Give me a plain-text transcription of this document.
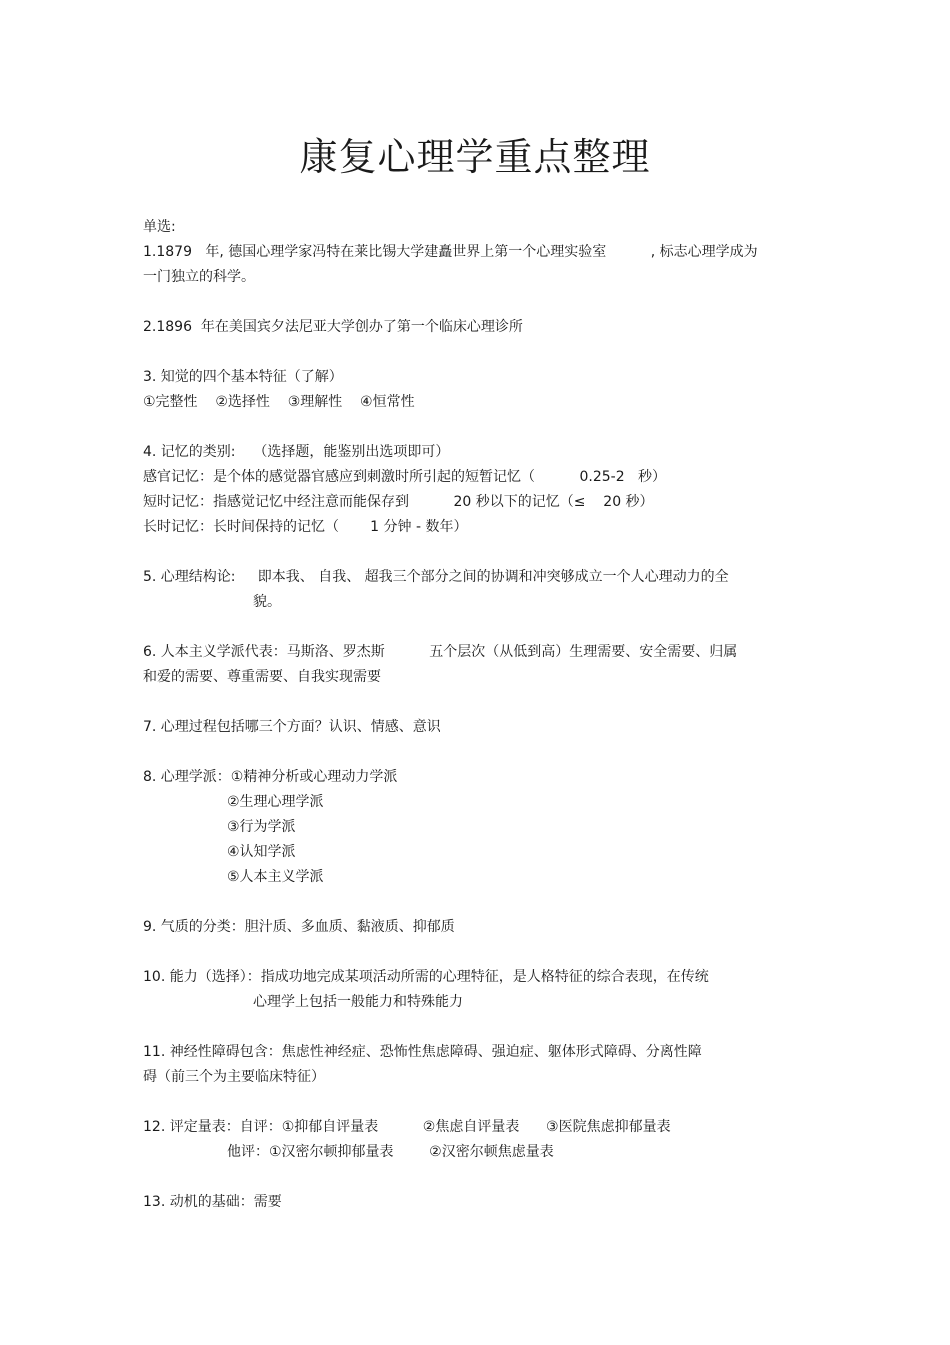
康复心理学重点整理
单选:
1.1879   年, 德国心理学家冯特在莱比锡大学建矗世界上第一个心理实验室          , 标志心理学成为
一门独立的科学。
2.1896  年在美国宾夕法尼亚大学创办了第一个临床心理诊所
3. 知觉的四个基本特征（了解）
①完整性    ②选择性    ③理解性    ④恒常性
4. 记忆的类别:    （选择题，能鉴别出选项即可）
感官记忆：是个体的感觉器官感应到刺激时所引起的短暂记忆（          0.25-2   秒）
短时记忆：指感觉记忆中经注意而能保存到          20 秒以下的记忆（≤    20 秒）
长时记忆：长时间保持的记忆（       1 分钟 - 数年）
5. 心理结构论:     即本我、 自我、 超我三个部分之间的协调和冲突够成立一个人心理动力的全
貌。
6. 人本主义学派代表：马斯洛、罗杰斯          五个层次（从低到高）生理需要、安全需要、归属
和爱的需要、尊重需要、自我实现需要
7. 心理过程包括哪三个方面？认识、情感、意识
8. 心理学派：①精神分析或心理动力学派
②生理心理学派
③行为学派
④认知学派
⑤人本主义学派
9. 气质的分类：胆汁质、多血质、黏液质、抑郁质
10. 能力（选择）：指成功地完成某项活动所需的心理特征，是人格特征的综合表现，在传统
心理学上包括一般能力和特殊能力
11. 神经性障碍包含：焦虑性神经症、恐怖性焦虑障碍、强迫症、躯体形式障碍、分离性障
碍（前三个为主要临床特征）
12. 评定量表：自评：①抑郁自评量表          ②焦虑自评量表      ③医院焦虑抑郁量表
他评：①汉密尔顿抑郁量表        ②汉密尔顿焦虑量表
13. 动机的基础：需要
